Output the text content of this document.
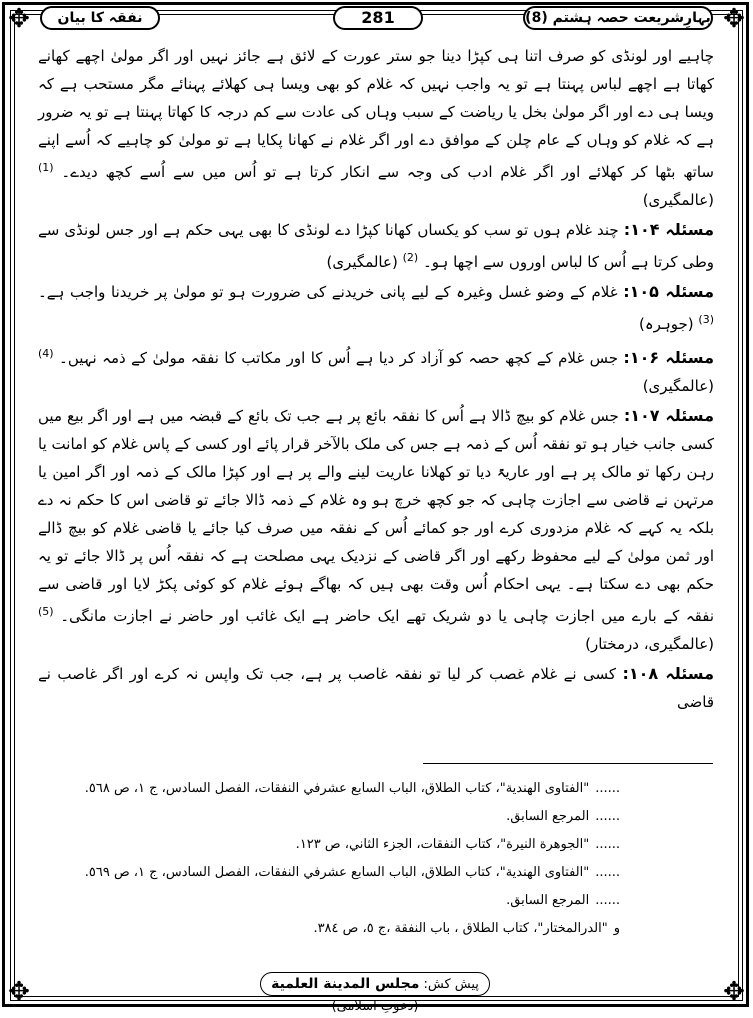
✥	✥
✥	✥
بہارِشریعت حصہ ہشتم (8)
281
نفقہ کا بیان

چاہیے اور لونڈی کو صرف اتنا ہی کپڑا دینا جو ستر عورت کے لائق ہے جائز نہیں اور اگر مولیٰ اچھے کھانے کھاتا ہے اچھے لباس پہنتا ہے تو یہ واجب نہیں کہ غلام کو بھی ویسا ہی کھلائے پہنائے مگر مستحب ہے کہ ویسا ہی دے اور اگر مولیٰ بخل یا ریاضت کے سبب وہاں کی عادت سے کم درجہ کا کھاتا پہنتا ہے تو یہ ضرور ہے کہ غلام کو وہاں کے عام چلن کے موافق دے اور اگر غلام نے کھانا پکایا ہے تو مولیٰ کو چاہیے کہ اُسے اپنے ساتھ بٹھا کر کھلائے اور اگر غلام ادب کی وجہ سے انکار کرتا ہے تو اُس میں سے اُسے کچھ دیدے۔ $^{(1)}$ (عالمگیری)

مسئلہ ۱۰۴: چند غلام ہوں تو سب کو یکساں کھانا کپڑا دے لونڈی کا بھی یہی حکم ہے اور جس لونڈی سے وطی کرتا ہے اُس کا لباس اوروں سے اچھا ہو۔ $^{(2)}$ (عالمگیری)

مسئلہ ۱۰۵: غلام کے وضو غسل وغیرہ کے لیے پانی خریدنے کی ضرورت ہو تو مولیٰ پر خریدنا واجب ہے۔ $^{(3)}$ (جوہرہ)

مسئلہ ۱۰۶: جس غلام کے کچھ حصہ کو آزاد کر دیا ہے اُس کا اور مکاتب کا نفقہ مولیٰ کے ذمہ نہیں۔ $^{(4)}$ (عالمگیری)

مسئلہ ۱۰۷: جس غلام کو بیچ ڈالا ہے اُس کا نفقہ بائع پر ہے جب تک بائع کے قبضہ میں ہے اور اگر بیع میں کسی جانب خیار ہو تو نفقہ اُس کے ذمہ ہے جس کی ملک بالآخر قرار پائے اور کسی کے پاس غلام کو امانت یا رہن رکھا تو مالک پر ہے اور عاریۃً دیا تو کھلانا عاریت لینے والے پر ہے اور کپڑا مالک کے ذمہ اور اگر امین یا مرتہن نے قاضی سے اجازت چاہی کہ جو کچھ خرچ ہو وہ غلام کے ذمہ ڈالا جائے تو قاضی اس کا حکم نہ دے بلکہ یہ کہے کہ غلام مزدوری کرے اور جو کمائے اُس کے نفقہ میں صرف کیا جائے یا قاضی غلام کو بیچ ڈالے اور ثمن مولیٰ کے لیے محفوظ رکھے اور اگر قاضی کے نزدیک یہی مصلحت ہے کہ نفقہ اُس پر ڈالا جائے تو یہ حکم بھی دے سکتا ہے۔ یہی احکام اُس وقت بھی ہیں کہ بھاگے ہوئے غلام کو کوئی پکڑ لایا اور قاضی سے نفقہ کے بارے میں اجازت چاہی یا دو شریک تھے ایک حاضر ہے ایک غائب اور حاضر نے اجازت مانگی۔ $^{(5)}$ (عالمگیری، درمختار)

مسئلہ ۱۰۸: کسی نے غلام غصب کر لیا تو نفقہ غاصب پر ہے، جب تک واپس نہ کرے اور اگر غاصب نے قاضی

......"الفتاوى الهندية"، كتاب الطلاق، الباب السابع عشرفي النفقات، الفصل السادس، ج ١، ص ٥٦٨.

......المرجع السابق.

......"الجوهرة النيرة"، كتاب النفقات، الجزء الثاني، ص ١٢٣.

......"الفتاوى الهندية"، كتاب الطلاق، الباب السابع عشرفي النفقات، الفصل السادس، ج ١، ص ٥٦٩.

......المرجع السابق.

و"الدرالمختار"، كتاب الطلاق ، باب النفقة ،ج ٥، ص ٣٨٤.

پیش کش: مجلس المدينة العلمية (دعوتِ اسلامی)
